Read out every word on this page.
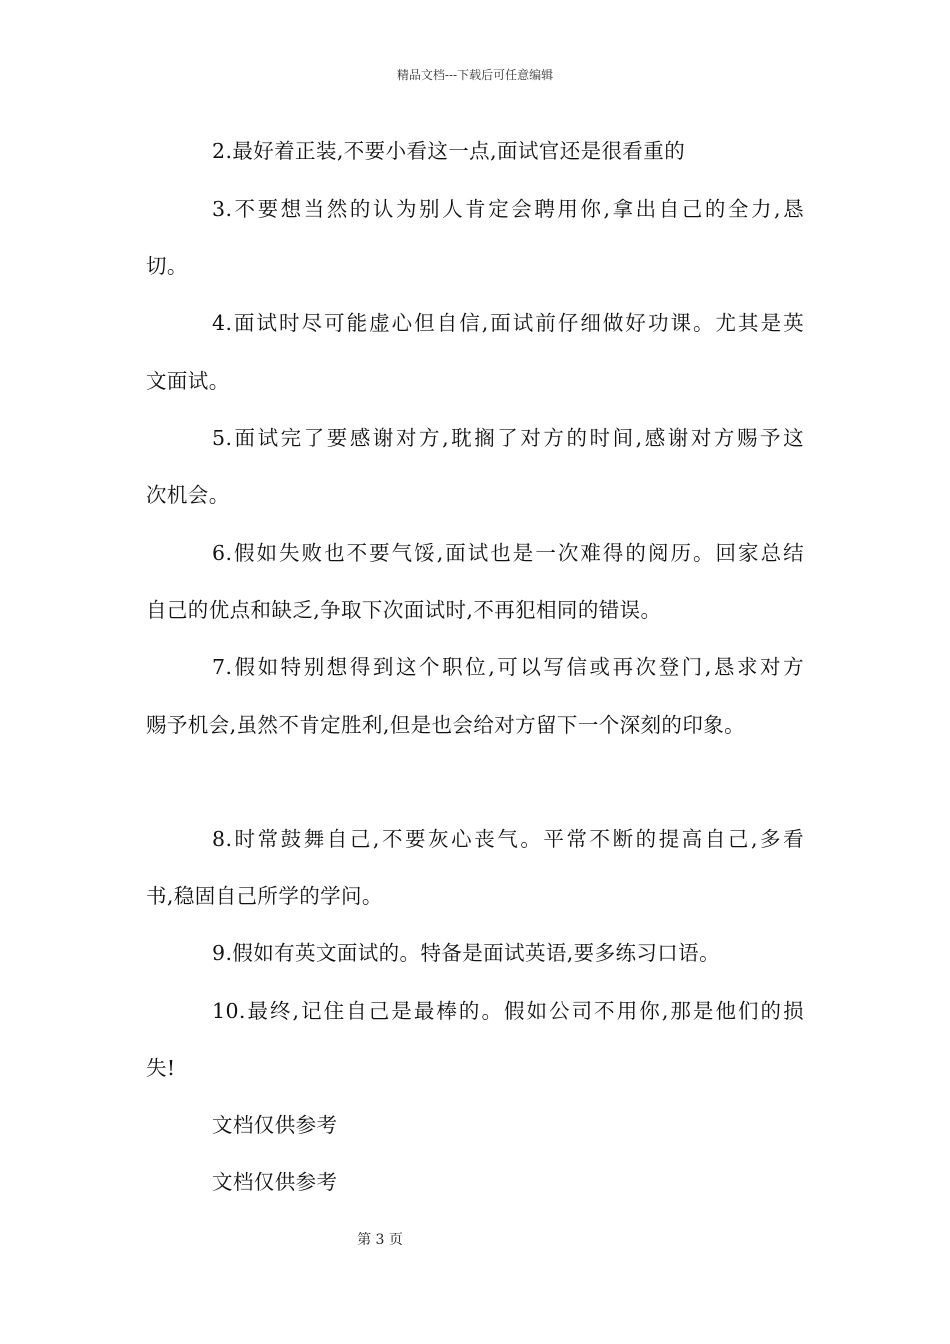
精品文档---下载后可任意编辑
2.最好着正装,不要小看这一点,面试官还是很看重的
3.不要想当然的认为别人肯定会聘用你,拿出自己的全力,恳
切。
4.面试时尽可能虚心但自信,面试前仔细做好功课。尤其是英
文面试。
5.面试完了要感谢对方,耽搁了对方的时间,感谢对方赐予这
次机会。
6.假如失败也不要气馁,面试也是一次难得的阅历。回家总结
自己的优点和缺乏,争取下次面试时,不再犯相同的错误。
7.假如特别想得到这个职位,可以写信或再次登门,恳求对方
赐予机会,虽然不肯定胜利,但是也会给对方留下一个深刻的印象。
8.时常鼓舞自己,不要灰心丧气。平常不断的提高自己,多看
书,稳固自己所学的学问。
9.假如有英文面试的。特备是面试英语,要多练习口语。
10.最终,记住自己是最棒的。假如公司不用你,那是他们的损
失!
文档仅供参考
文档仅供参考
第 3 页
